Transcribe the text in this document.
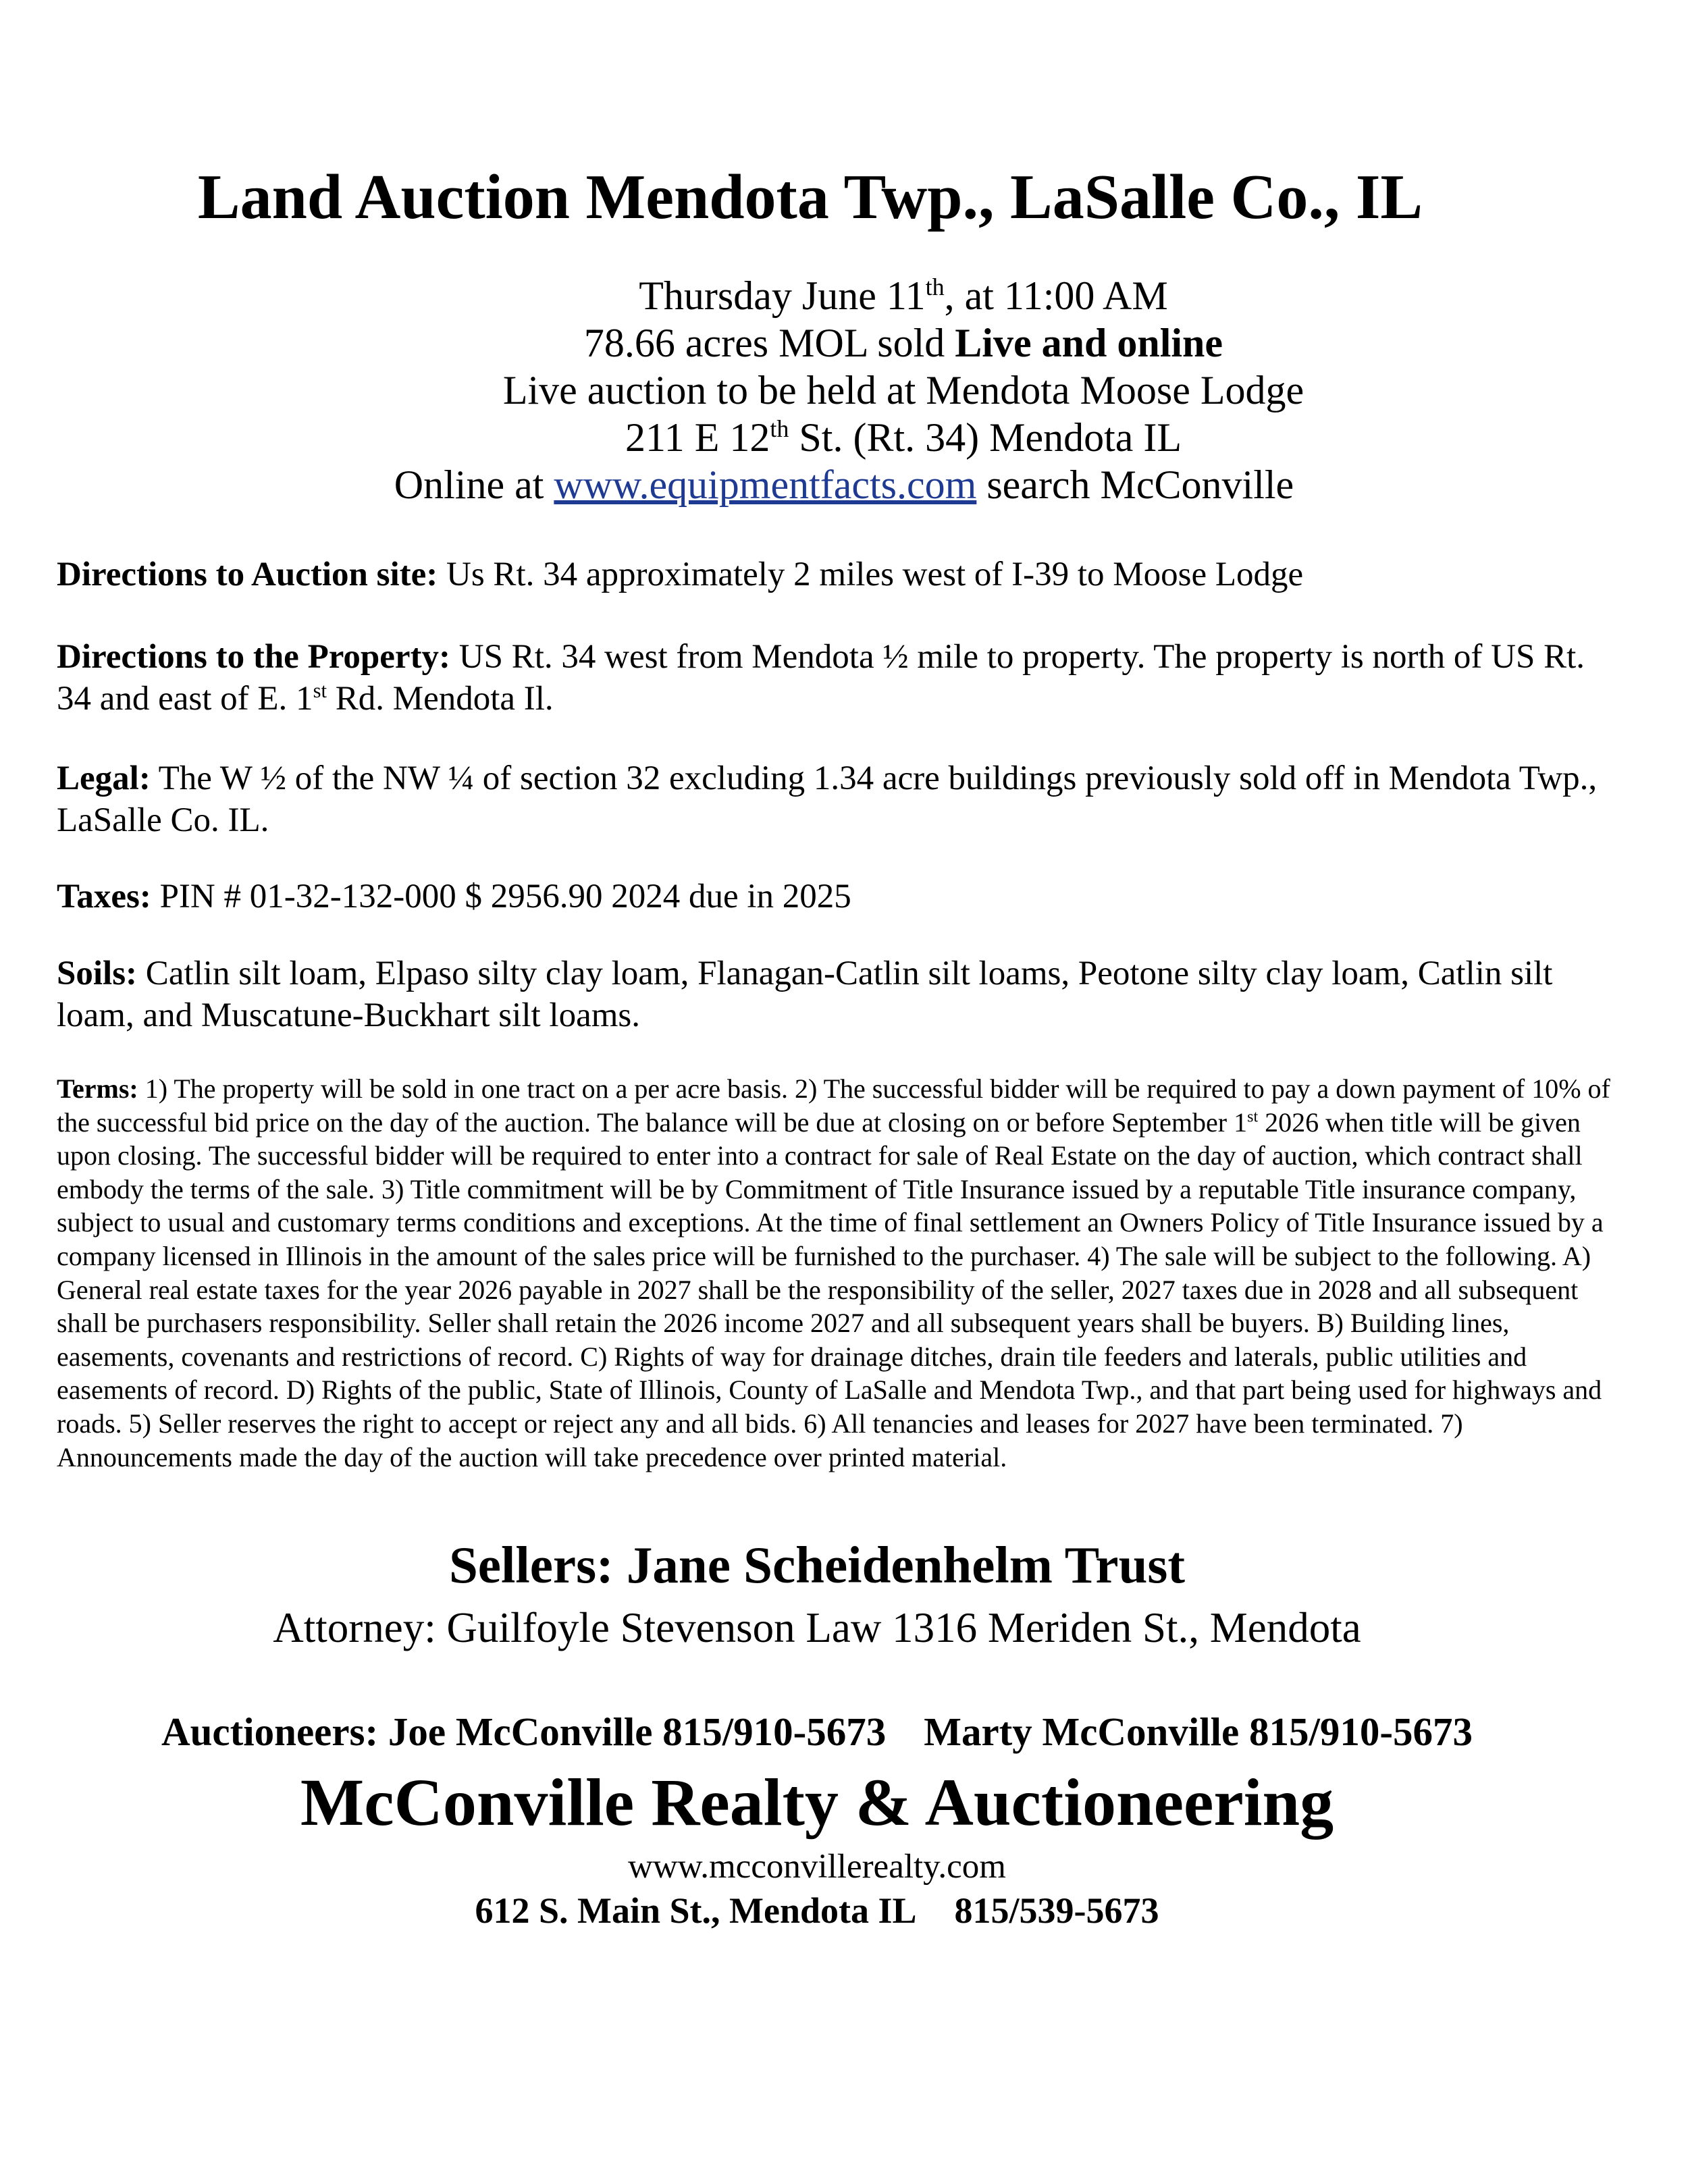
Land Auction Mendota Twp., LaSalle Co., IL
Thursday June 11th, at 11:00 AM
78.66 acres MOL sold Live and online
Live auction to be held at Mendota Moose Lodge
211 E 12th St. (Rt. 34) Mendota IL
Online at www.equipmentfacts.com search McConville
Directions to Auction site: Us Rt. 34 approximately 2 miles west of I-39 to Moose Lodge
Directions to the Property: US Rt. 34 west from Mendota ½ mile to property. The property is north of US Rt. 34 and east of E. 1st Rd. Mendota Il.
Legal: The W ½ of the NW ¼ of section 32 excluding 1.34 acre buildings previously sold off in Mendota Twp., LaSalle Co. IL.
Taxes: PIN # 01-32-132-000 $ 2956.90 2024 due in 2025
Soils: Catlin silt loam, Elpaso silty clay loam, Flanagan-Catlin silt loams, Peotone silty clay loam, Catlin silt loam, and Muscatune-Buckhart silt loams.
Terms: 1) The property will be sold in one tract on a per acre basis. 2) The successful bidder will be required to pay a down payment of 10% of the successful bid price on the day of the auction. The balance will be due at closing on or before September 1st 2026 when title will be given upon closing. The successful bidder will be required to enter into a contract for sale of Real Estate on the day of auction, which contract shall embody the terms of the sale. 3) Title commitment will be by Commitment of Title Insurance issued by a reputable Title insurance company, subject to usual and customary terms conditions and exceptions. At the time of final settlement an Owners Policy of Title Insurance issued by a company licensed in Illinois in the amount of the sales price will be furnished to the purchaser. 4) The sale will be subject to the following. A) General real estate taxes for the year 2026 payable in 2027 shall be the responsibility of the seller, 2027 taxes due in 2028 and all subsequent shall be purchasers responsibility. Seller shall retain the 2026 income 2027 and all subsequent years shall be buyers. B) Building lines, easements, covenants and restrictions of record. C) Rights of way for drainage ditches, drain tile feeders and laterals, public utilities and easements of record. D) Rights of the public, State of Illinois, County of LaSalle and Mendota Twp., and that part being used for highways and roads. 5) Seller reserves the right to accept or reject any and all bids. 6) All tenancies and leases for 2027 have been terminated. 7) Announcements made the day of the auction will take precedence over printed material.
Sellers: Jane Scheidenhelm Trust
Attorney: Guilfoyle Stevenson Law 1316 Meriden St., Mendota
Auctioneers: Joe McConville 815/910-5673 Marty McConville 815/910-5673
McConville Realty & Auctioneering
www.mcconvillerealty.com
612 S. Main St., Mendota IL 815/539-5673
